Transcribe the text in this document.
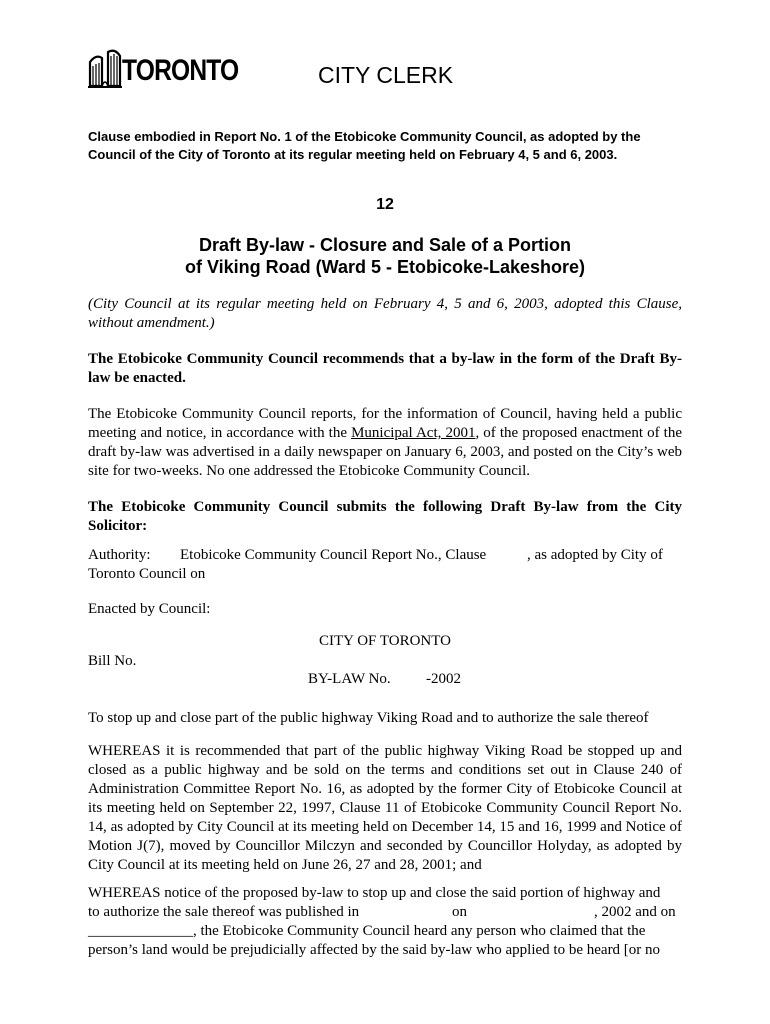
TORONTO	CITY CLERK
Clause embodied in Report No. 1 of the Etobicoke Community Council, as adopted by the
Council of the City of Toronto at its regular meeting held on February 4, 5 and 6, 2003.
12
Draft By-law - Closure and Sale of a Portion
of Viking Road (Ward 5 - Etobicoke-Lakeshore)
(City Council at its regular meeting held on February 4, 5 and 6, 2003, adopted this Clause, without amendment.)
The Etobicoke Community Council recommends that a by-law in the form of the Draft By-law be enacted.
The Etobicoke Community Council reports, for the information of Council, having held a public meeting and notice, in accordance with the Municipal Act, 2001, of the proposed enactment of the draft by-law was advertised in a daily newspaper on January 6, 2003, and posted on the City’s web site for two-weeks. No one addressed the Etobicoke Community Council.
The Etobicoke Community Council submits the following Draft By-law from the City Solicitor:
Authority: Etobicoke Community Council Report No., Clause	, as adopted by City of
Toronto Council on
Enacted by Council:
CITY OF TORONTO
Bill No.
BY-LAW No. -2002
To stop up and close part of the public highway Viking Road and to authorize the sale thereof
WHEREAS it is recommended that part of the public highway Viking Road be stopped up and closed as a public highway and be sold on the terms and conditions set out in Clause 240 of Administration Committee Report No. 16, as adopted by the former City of Etobicoke Council at its meeting held on September 22, 1997, Clause 11 of Etobicoke Community Council Report No. 14, as adopted by City Council at its meeting held on December 14, 15 and 16, 1999 and Notice of Motion J(7), moved by Councillor Milczyn and seconded by Councillor Holyday, as adopted by City Council at its meeting held on June 26, 27 and 28, 2001; and
WHEREAS notice of the proposed by-law to stop up and close the said portion of highway and
to authorize the sale thereof was published in	on	, 2002 and on
______________, the Etobicoke Community Council heard any person who claimed that the
person’s land would be prejudicially affected by the said by-law who applied to be heard [or no
